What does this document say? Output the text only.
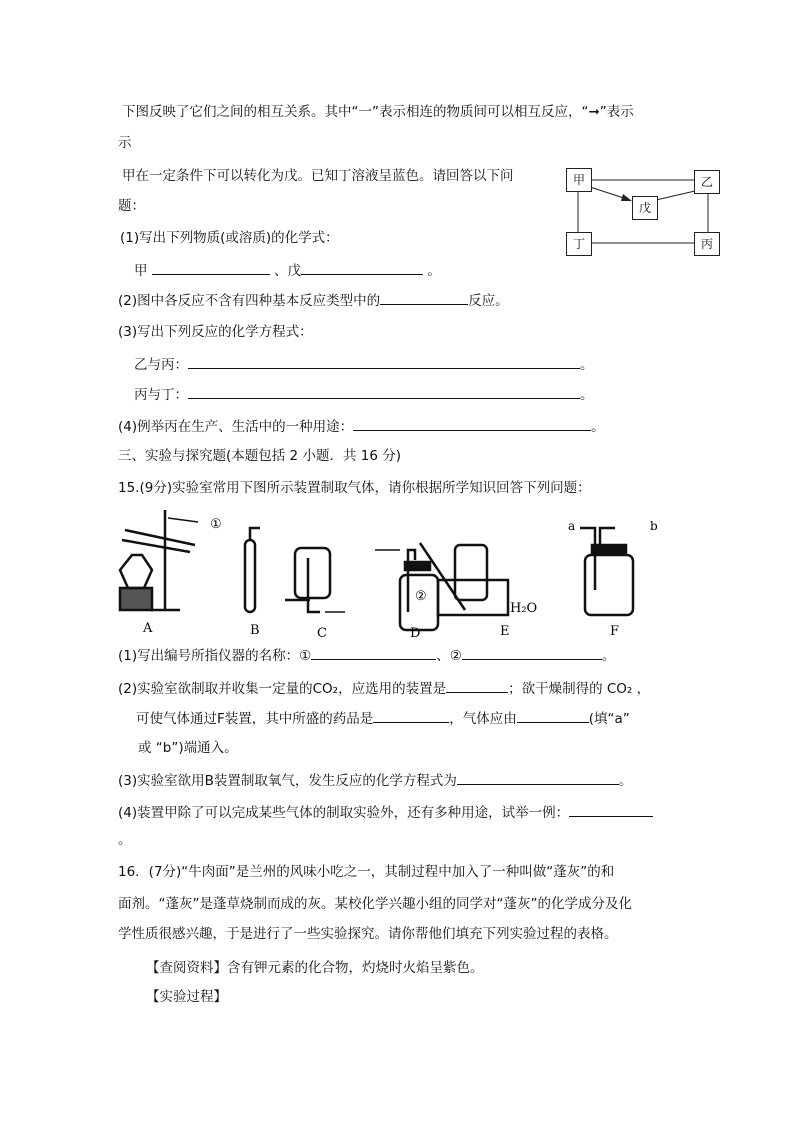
下图反映了它们之间的相互关系。其中“一”表示相连的物质间可以相互反应，“➞”表示
示
甲在一定条件下可以转化为戊。已知丁溶液呈蓝色。请回答以下问
题：
甲	乙
戊
丁	丙
(1)写出下列物质(或溶质)的化学式：
甲	、戊	。
(2)图中各反应不含有四种基本反应类型中的	反应。
(3)写出下列反应的化学方程式：
乙与丙：	。
丙与丁：	。
(4)例举丙在生产、生活中的一种用途：	。
三、实验与探究题(本题包括 2 小题．共 16 分)
15.(9分)实验室常用下图所示装置制取气体，请你根据所学知识回答下列问题：
①
②
H₂O
a	b
A	B	C	D	E	F
(1)写出编号所指仪器的名称：①	、②	。
(2)实验室欲制取并收集一定量的CO₂，应选用的装置是	；欲干燥制得的 CO₂ ，
可使气体通过F装置，其中所盛的药品是	，气体应由	(填“a”
或 “b”)端通入。
(3)实验室欲用B装置制取氧气，发生反应的化学方程式为	。
(4)装置甲除了可以完成某些气体的制取实验外，还有多种用途，试举一例：
。
16．(7分)“牛肉面”是兰州的风味小吃之一，其制过程中加入了一种叫做“蓬灰”的和
面剂。“蓬灰”是蓬草烧制而成的灰。某校化学兴趣小组的同学对“蓬灰”的化学成分及化
学性质很感兴趣，于是进行了一些实验探究。请你帮他们填充下列实验过程的表格。
【查阅资料】含有钾元素的化合物，灼烧时火焰呈紫色。
【实验过程】
